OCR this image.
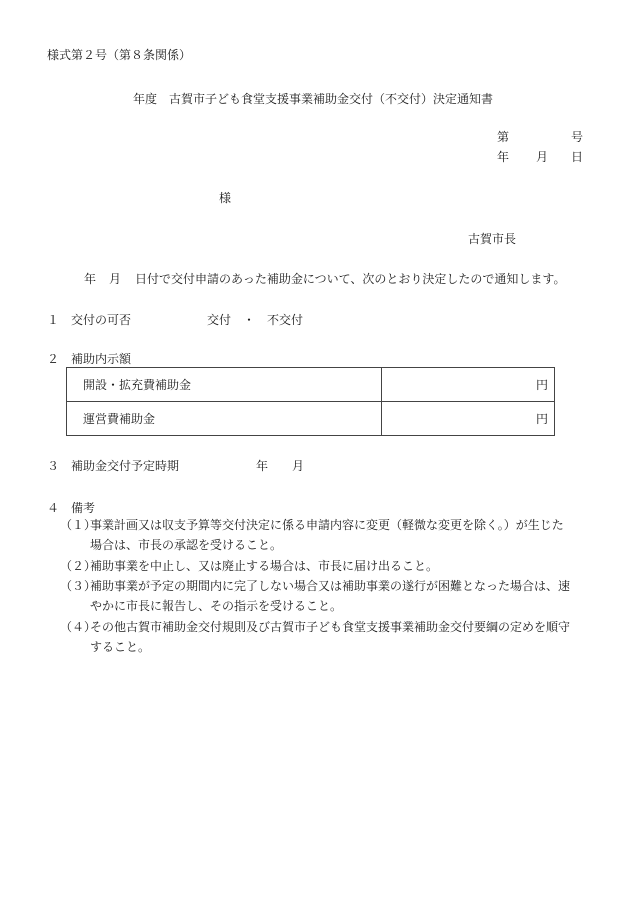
様式第２号（第８条関係）
年度　古賀市子ども食堂支援事業補助金交付（不交付）決定通知書
第	号
年 月 日
様
古賀市長
年 月 日付で交付申請のあった補助金について、次のとおり決定したので通知します。
１　交付の可否	交付　・　不交付
２　補助内示額
開設・拡充費補助金	円
運営費補助金	円
３　補助金交付予定時期	年 月
４　備考
（１）事業計画又は収支予算等交付決定に係る申請内容に変更（軽微な変更を除く。）が生じた
場合は、市長の承認を受けること。
（２）補助事業を中止し、又は廃止する場合は、市長に届け出ること。
（３）補助事業が予定の期間内に完了しない場合又は補助事業の遂行が困難となった場合は、速
やかに市長に報告し、その指示を受けること。
（４）その他古賀市補助金交付規則及び古賀市子ども食堂支援事業補助金交付要綱の定めを順守
すること。
